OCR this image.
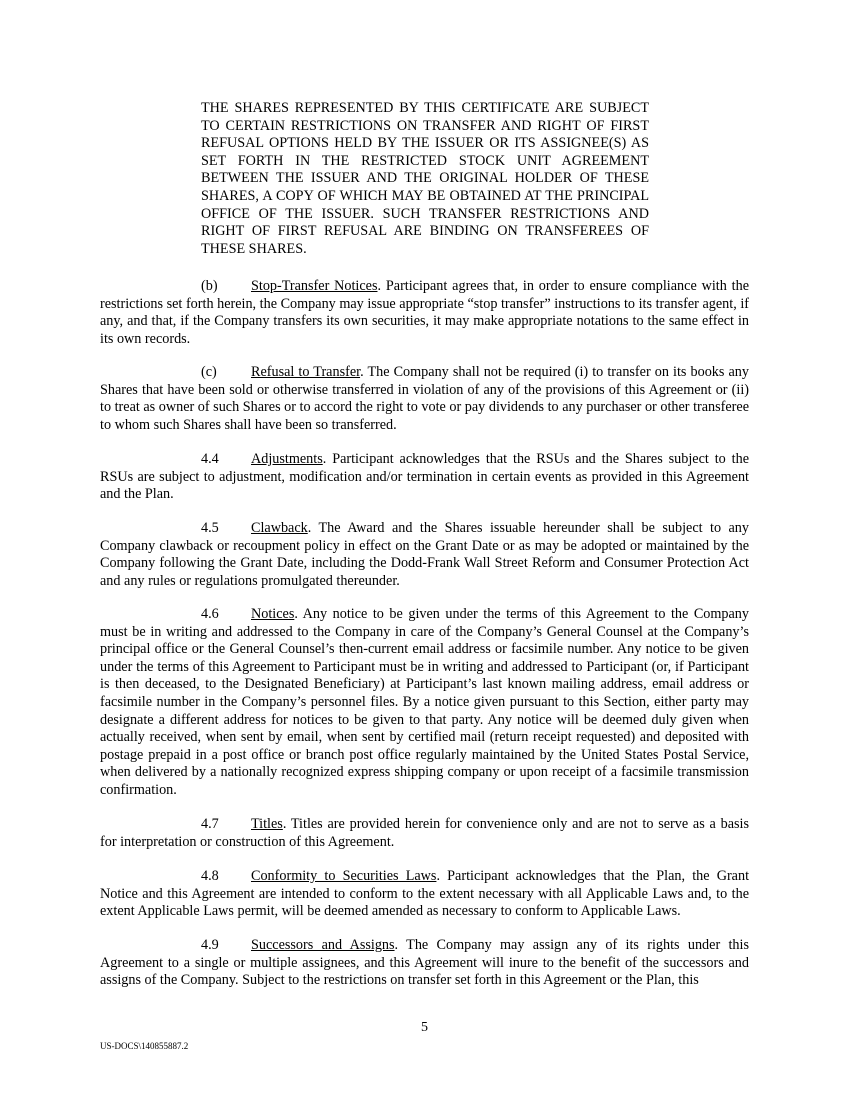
THE SHARES REPRESENTED BY THIS CERTIFICATE ARE SUBJECT TO CERTAIN RESTRICTIONS ON TRANSFER AND RIGHT OF FIRST REFUSAL OPTIONS HELD BY THE ISSUER OR ITS ASSIGNEE(S) AS SET FORTH IN THE RESTRICTED STOCK UNIT AGREEMENT BETWEEN THE ISSUER AND THE ORIGINAL HOLDER OF THESE SHARES, A COPY OF WHICH MAY BE OBTAINED AT THE PRINCIPAL OFFICE OF THE ISSUER. SUCH TRANSFER RESTRICTIONS AND RIGHT OF FIRST REFUSAL ARE BINDING ON TRANSFEREES OF THESE SHARES.
(b) Stop-Transfer Notices. Participant agrees that, in order to ensure compliance with the restrictions set forth herein, the Company may issue appropriate “stop transfer” instructions to its transfer agent, if any, and that, if the Company transfers its own securities, it may make appropriate notations to the same effect in its own records.
(c) Refusal to Transfer. The Company shall not be required (i) to transfer on its books any Shares that have been sold or otherwise transferred in violation of any of the provisions of this Agreement or (ii) to treat as owner of such Shares or to accord the right to vote or pay dividends to any purchaser or other transferee to whom such Shares shall have been so transferred.
4.4 Adjustments. Participant acknowledges that the RSUs and the Shares subject to the RSUs are subject to adjustment, modification and/or termination in certain events as provided in this Agreement and the Plan.
4.5 Clawback. The Award and the Shares issuable hereunder shall be subject to any Company clawback or recoupment policy in effect on the Grant Date or as may be adopted or maintained by the Company following the Grant Date, including the Dodd-Frank Wall Street Reform and Consumer Protection Act and any rules or regulations promulgated thereunder.
4.6 Notices. Any notice to be given under the terms of this Agreement to the Company must be in writing and addressed to the Company in care of the Company’s General Counsel at the Company’s principal office or the General Counsel’s then-current email address or facsimile number. Any notice to be given under the terms of this Agreement to Participant must be in writing and addressed to Participant (or, if Participant is then deceased, to the Designated Beneficiary) at Participant’s last known mailing address, email address or facsimile number in the Company’s personnel files. By a notice given pursuant to this Section, either party may designate a different address for notices to be given to that party. Any notice will be deemed duly given when actually received, when sent by email, when sent by certified mail (return receipt requested) and deposited with postage prepaid in a post office or branch post office regularly maintained by the United States Postal Service, when delivered by a nationally recognized express shipping company or upon receipt of a facsimile transmission confirmation.
4.7 Titles. Titles are provided herein for convenience only and are not to serve as a basis for interpretation or construction of this Agreement.
4.8 Conformity to Securities Laws. Participant acknowledges that the Plan, the Grant Notice and this Agreement are intended to conform to the extent necessary with all Applicable Laws and, to the extent Applicable Laws permit, will be deemed amended as necessary to conform to Applicable Laws.
4.9 Successors and Assigns. The Company may assign any of its rights under this Agreement to a single or multiple assignees, and this Agreement will inure to the benefit of the successors and assigns of the Company. Subject to the restrictions on transfer set forth in this Agreement or the Plan, this
5
US-DOCS\140855887.2
